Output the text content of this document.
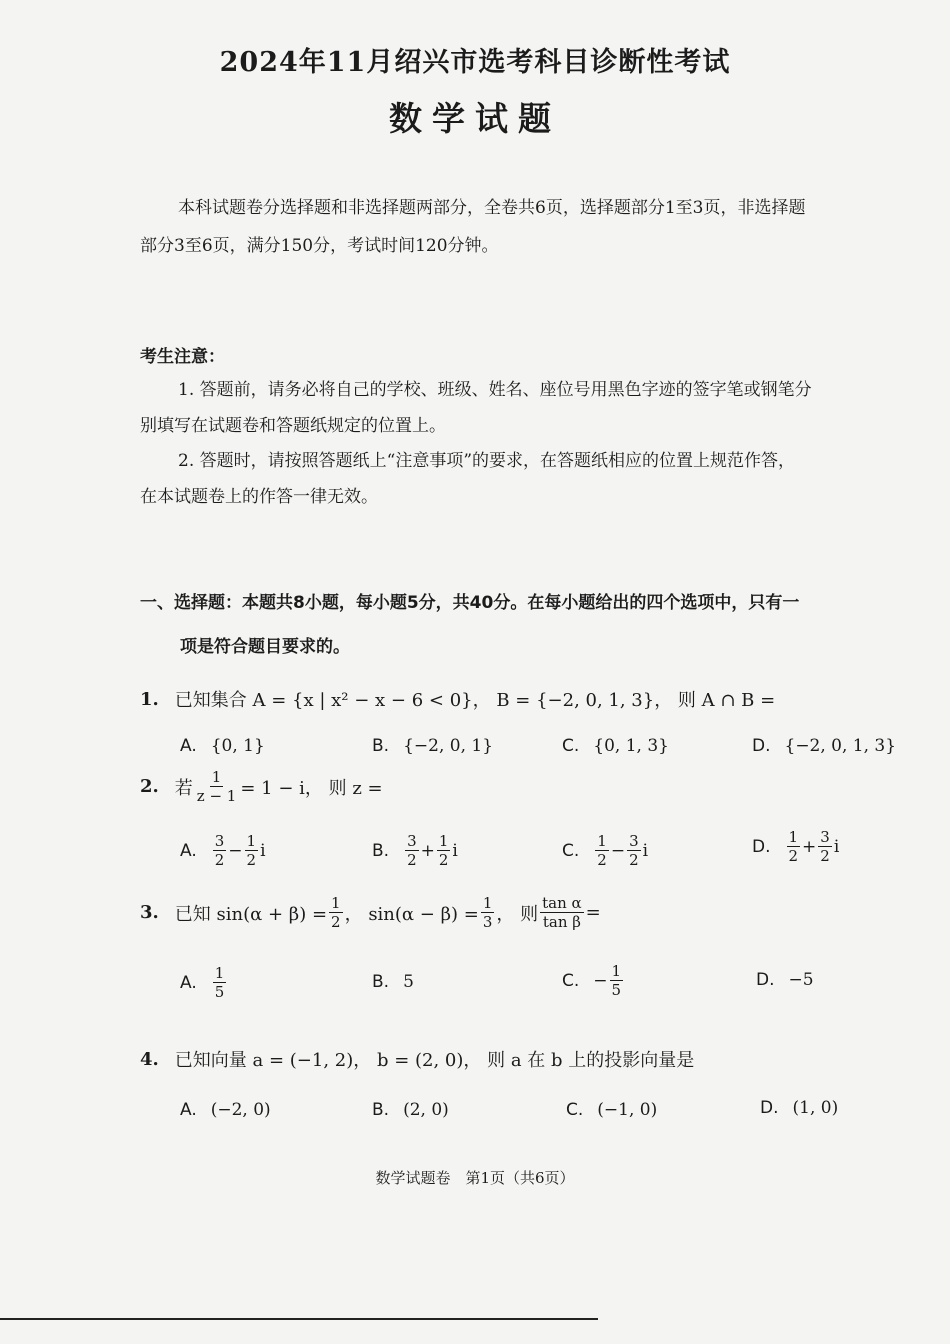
2024年11月绍兴市选考科目诊断性考试
数学试题
本科试题卷分选择题和非选择题两部分，全卷共6页，选择题部分1至3页，非选择题
部分3至6页，满分150分，考试时间120分钟。
考生注意：
1. 答题前，请务必将自己的学校、班级、姓名、座位号用黑色字迹的签字笔或钢笔分
别填写在试题卷和答题纸规定的位置上。
2. 答题时，请按照答题纸上“注意事项”的要求，在答题纸相应的位置上规范作答，
在本试题卷上的作答一律无效。
一、选择题：本题共8小题，每小题5分，共40分。在每小题给出的四个选项中，只有一
项是符合题目要求的。
1. 已知集合 A = {x | x² − x − 6 < 0}， B = {−2, 0, 1, 3}， 则 A ∩ B =
A. {0, 1}	B. {−2, 0, 1}	C. {0, 1, 3}	D. {−2, 0, 1, 3}
2. 若 $\frac{1}{z - 1} = 1 - i$， 则 z =
A. $\frac{3}{2} - \frac{1}{2}$ i	B. $\frac{3}{2} + \frac{1}{2}$ i	C. $\frac{1}{2} - \frac{3}{2}$ i	D. $\frac{1}{2} + \frac{3}{2}$ i
3. 已知 $\sin(\alpha + \beta) = \frac{1}{2}$ ， $\sin(\alpha - \beta) = \frac{1}{3}$ ， 则 $\frac{\text{tan α}}{\text{tan β}}$ =
A. $\frac{1}{5}$	B. 5	C. − $\frac{1}{5}$	D. −5
4. 已知向量 a = (−1, 2)， b = (2, 0)， 则 a 在 b 上的投影向量是
A. (−2, 0)	B. (2, 0)	C. (−1, 0)	D. (1, 0)
数学试题卷　第1页（共6页）
